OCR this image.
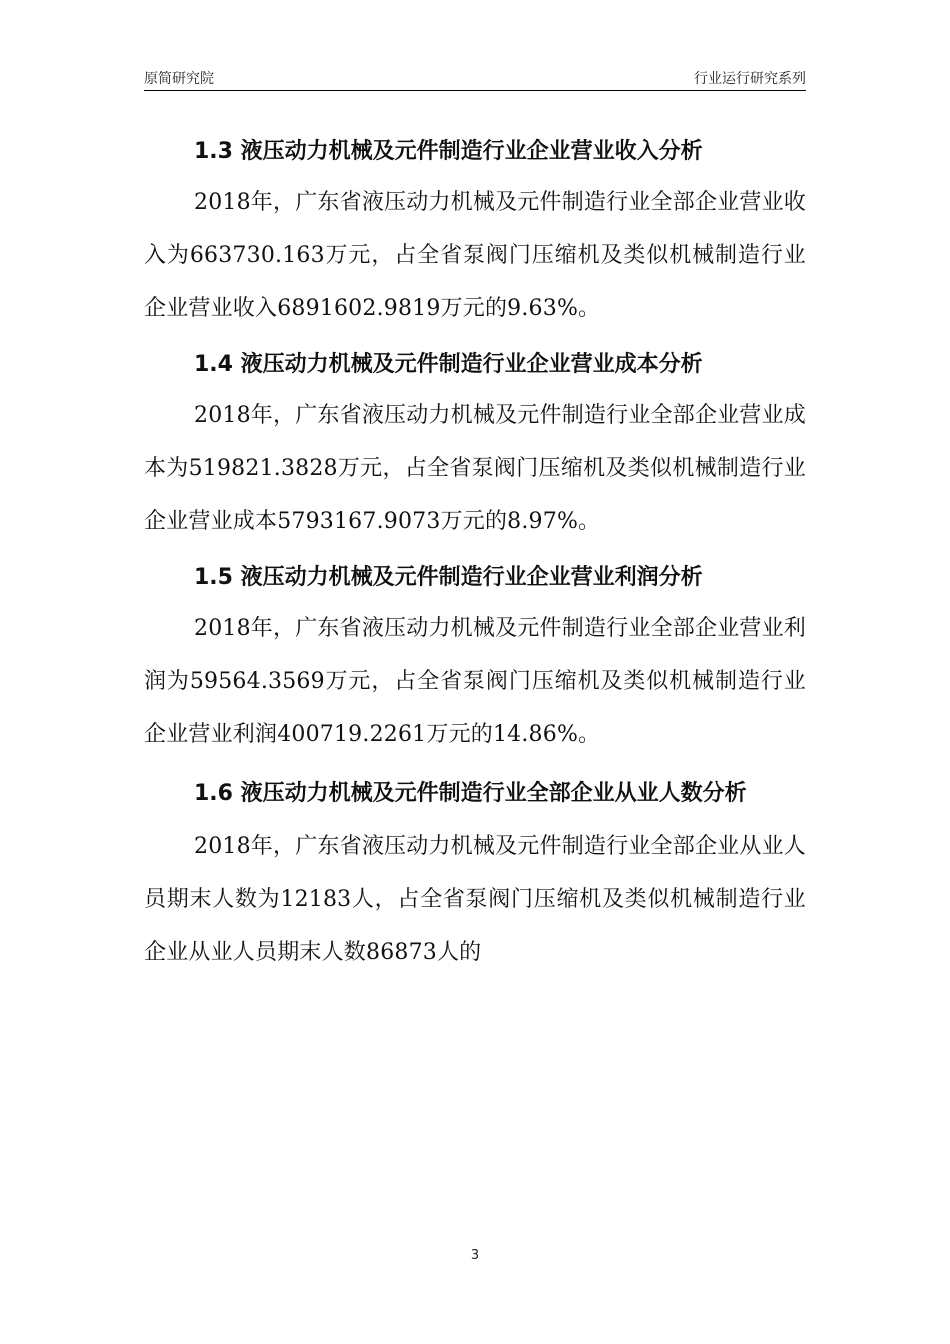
原简研究院	行业运行研究系列
1.3 液压动力机械及元件制造行业企业营业收入分析

2018年，广东省液压动力机械及元件制造行业全部企业营业收入为663730.163万元，占全省泵阀门压缩机及类似机械制造行业企业营业收入6891602.9819万元的9.63%。

1.4 液压动力机械及元件制造行业企业营业成本分析

2018年，广东省液压动力机械及元件制造行业全部企业营业成本为519821.3828万元，占全省泵阀门压缩机及类似机械制造行业企业营业成本5793167.9073万元的8.97%。

1.5 液压动力机械及元件制造行业企业营业利润分析

2018年，广东省液压动力机械及元件制造行业全部企业营业利润为59564.3569万元，占全省泵阀门压缩机及类似机械制造行业企业营业利润400719.2261万元的14.86%。

1.6 液压动力机械及元件制造行业全部企业从业人数分析

2018年，广东省液压动力机械及元件制造行业全部企业从业人员期末人数为12183人，占全省泵阀门压缩机及类似机械制造行业企业从业人员期末人数86873人的

3
